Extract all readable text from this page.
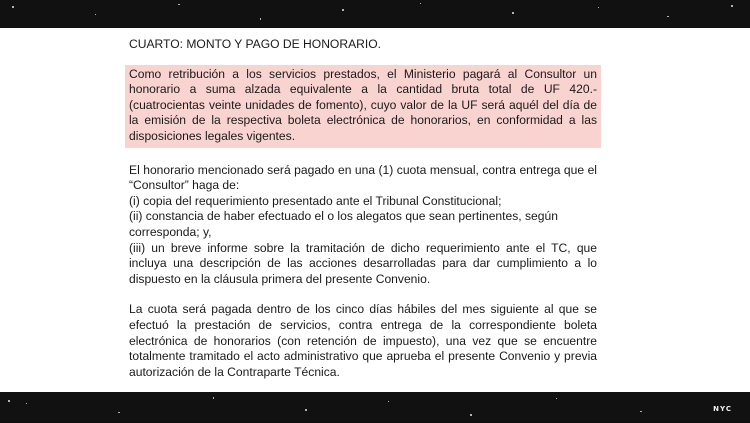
CUARTO: MONTO Y PAGO DE HONORARIO.

Como retribución a los servicios prestados, el Ministerio pagará al Consultor un honorario a suma alzada equivalente a la cantidad bruta total de UF 420.- (cuatrocientas veinte unidades de fomento), cuyo valor de la UF será aquél del día de la emisión de la respectiva boleta electrónica de honorarios, en conformidad a las disposiciones legales vigentes.

El honorario mencionado será pagado en una (1) cuota mensual, contra entrega que el “Consultor” haga de:

(i) copia del requerimiento presentado ante el Tribunal Constitucional;

(ii) constancia de haber efectuado el o los alegatos que sean pertinentes, según corresponda; y,

(iii) un breve informe sobre la tramitación de dicho requerimiento ante el TC, que incluya una descripción de las acciones desarrolladas para dar cumplimiento a lo dispuesto en la cláusula primera del presente Convenio.

La cuota será pagada dentro de los cinco días hábiles del mes siguiente al que se efectuó la prestación de servicios, contra entrega de la correspondiente boleta electrónica de honorarios (con retención de impuesto), una vez que se encuentre totalmente tramitado el acto administrativo que aprueba el presente Convenio y previa autorización de la Contraparte Técnica.

NYC
